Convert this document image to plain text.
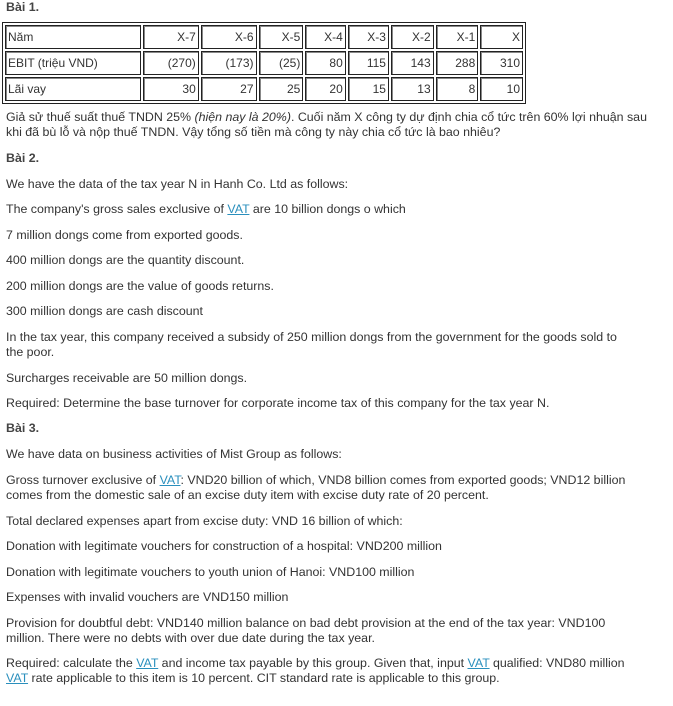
Bài 1.

Năm	X-7	X-6	X-5	X-4	X-3	X-2	X-1	X
EBIT (triệu VND)	(270)	(173)	(25)	80	115	143	288	310
Lãi vay	30	27	25	20	15	13	8	10

Giả sử thuế suất thuế TNDN 25% (hiện nay là 20%). Cuối năm X công ty dự định chia cổ tức trên 60% lợi nhuận sau khi đã bù lỗ và nộp thuế TNDN. Vậy tổng số tiền mà công ty này chia cổ tức là bao nhiêu?

Bài 2.

We have the data of the tax year N in Hanh Co. Ltd as follows:

The company's gross sales exclusive of VAT are 10 billion dongs o which

7 million dongs come from exported goods.

400 million dongs are the quantity discount.

200 million dongs are the value of goods returns.

300 million dongs are cash discount

In the tax year, this company received a subsidy of 250 million dongs from the government for the goods sold to the poor.

Surcharges receivable are 50 million dongs.

Required: Determine the base turnover for corporate income tax of this company for the tax year N.

Bài 3.

We have data on business activities of Mist Group as follows:

Gross turnover exclusive of VAT: VND20 billion of which, VND8 billion comes from exported goods; VND12 billion comes from the domestic sale of an excise duty item with excise duty rate of 20 percent.

Total declared expenses apart from excise duty: VND 16 billion of which:

Donation with legitimate vouchers for construction of a hospital: VND200 million

Donation with legitimate vouchers to youth union of Hanoi: VND100 million

Expenses with invalid vouchers are VND150 million

Provision for doubtful debt: VND140 million balance on bad debt provision at the end of the tax year: VND100 million. There were no debts with over due date during the tax year.

Required: calculate the VAT and income tax payable by this group. Given that, input VAT qualified: VND80 million VAT rate applicable to this item is 10 percent. CIT standard rate is applicable to this group.
